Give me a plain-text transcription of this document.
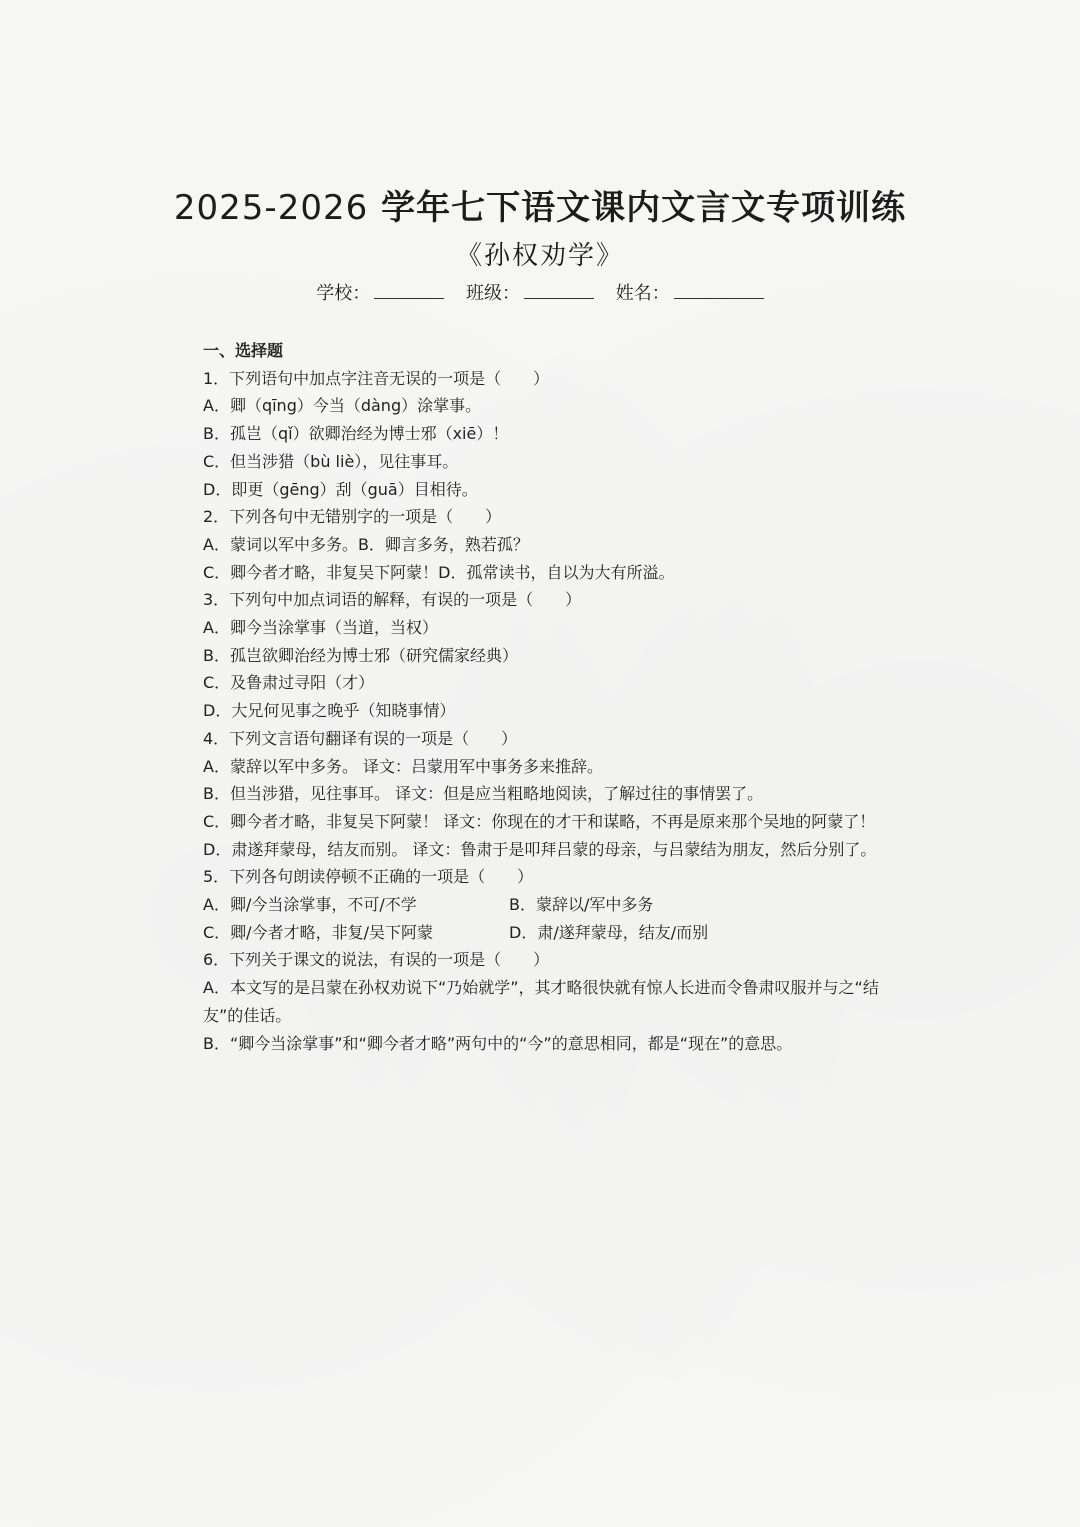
2025-2026 学年七下语文课内文言文专项训练
《孙权劝学》
学校：	班级：	姓名：
一、选择题
1．下列语句中加点字注音无误的一项是（　　）
A．卿（qīng）今当（dàng）涂掌事。
B．孤岂（qǐ）欲卿治经为博士邪（xiē）！
C．但当涉猎（bù liè），见往事耳。
D．即更（gēng）刮（guā）目相待。
2．下列各句中无错别字的一项是（　　）
A．蒙词以军中多务。B．卿言多务，熟若孤？
C．卿今者才略，非复吴下阿蒙！D．孤常读书，自以为大有所溢。
3．下列句中加点词语的解释，有误的一项是（　　）
A．卿今当涂掌事（当道，当权）
B．孤岂欲卿治经为博士邪（研究儒家经典）
C．及鲁肃过寻阳（才）
D．大兄何见事之晚乎（知晓事情）
4．下列文言语句翻译有误的一项是（　　）
A．蒙辞以军中多务。 译文：吕蒙用军中事务多来推辞。
B．但当涉猎，见往事耳。 译文：但是应当粗略地阅读，了解过往的事情罢了。
C．卿今者才略，非复吴下阿蒙！ 译文：你现在的才干和谋略，不再是原来那个吴地的阿蒙了！
D．肃遂拜蒙母，结友而别。 译文：鲁肃于是叩拜吕蒙的母亲，与吕蒙结为朋友，然后分别了。
5．下列各句朗读停顿不正确的一项是（　　）
A．卿/今当涂掌事，不可/不学	B．蒙辞以/军中多务
C．卿/今者才略，非复/吴下阿蒙	D．肃/遂拜蒙母，结友/而别
6．下列关于课文的说法，有误的一项是（　　）
A．本文写的是吕蒙在孙权劝说下“乃始就学”，其才略很快就有惊人长进而令鲁肃叹服并与之“结友”的佳话。
B．“卿今当涂掌事”和“卿今者才略”两句中的“今”的意思相同，都是“现在”的意思。
